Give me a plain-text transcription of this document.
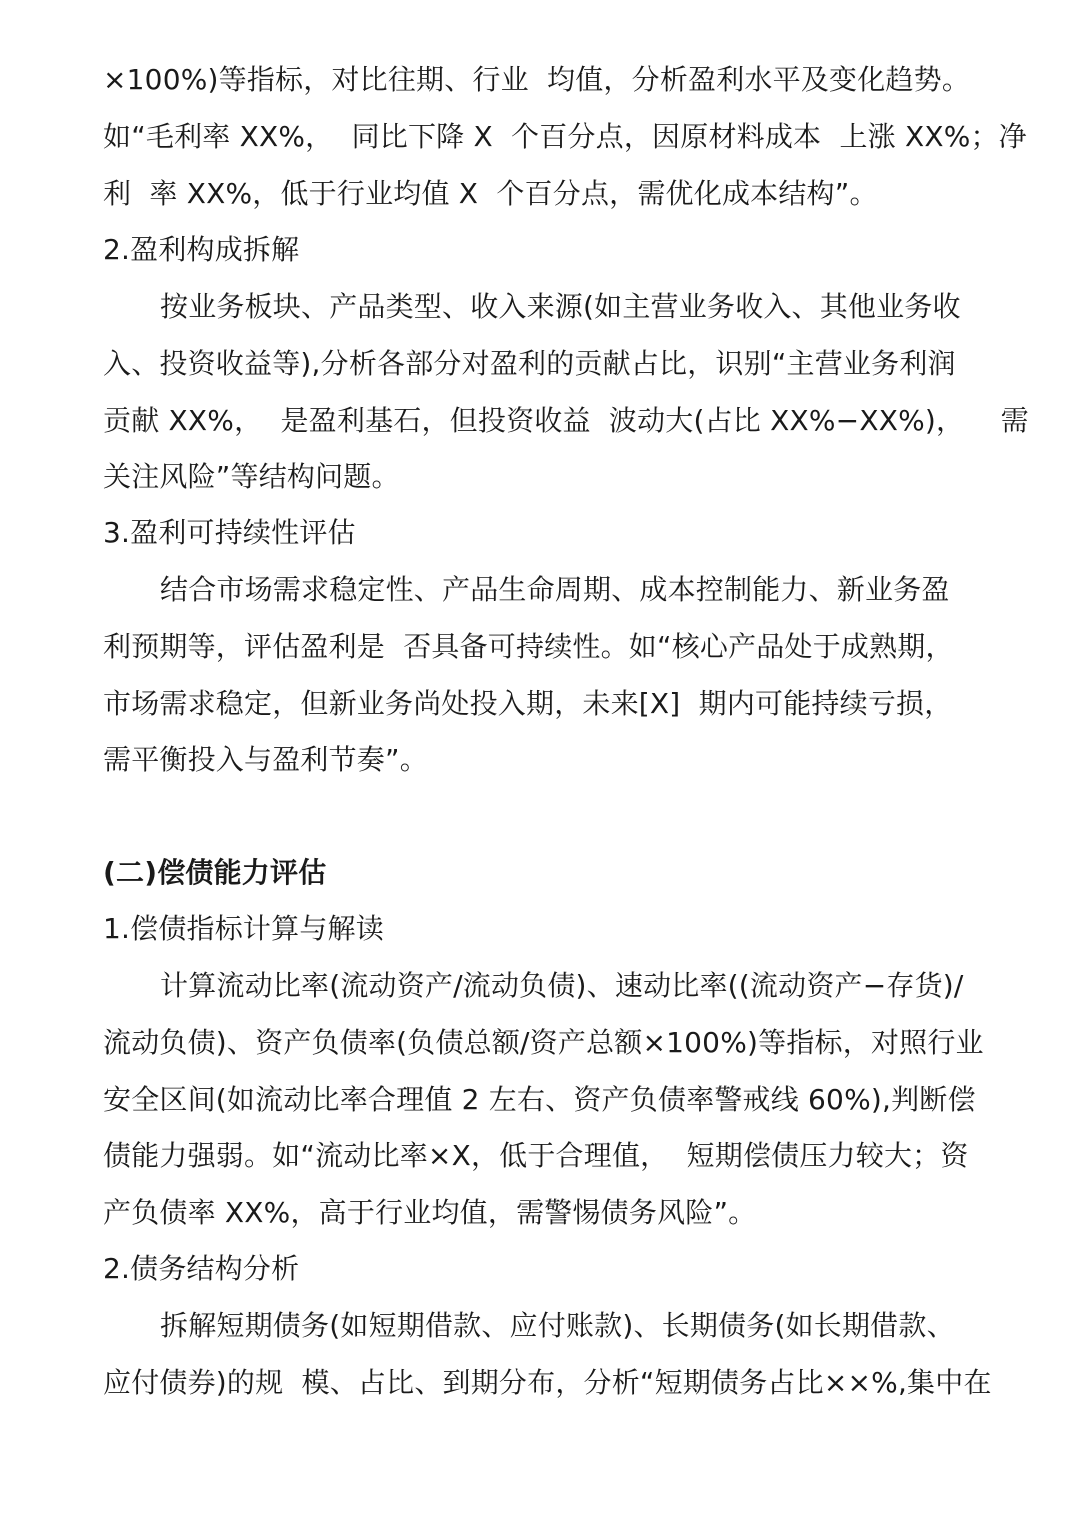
×100%)等指标，对比往期、行业  均值，分析盈利水平及变化趋势。
如“毛利率 XX%，  同比下降 X  个百分点，因原材料成本  上涨 XX%；净
利  率 XX%，低于行业均值 X  个百分点，需优化成本结构”。
2.盈利构成拆解
按业务板块、产品类型、收入来源(如主营业务收入、其他业务收
入、投资收益等),分析各部分对盈利的贡献占比，识别“主营业务利润
贡献 XX%，  是盈利基石，但投资收益  波动大(占比 XX%−XX%)，    需
关注风险”等结构问题。
3.盈利可持续性评估
结合市场需求稳定性、产品生命周期、成本控制能力、新业务盈
利预期等，评估盈利是  否具备可持续性。如“核心产品处于成熟期，
市场需求稳定，但新业务尚处投入期，未来[X]  期内可能持续亏损，
需平衡投入与盈利节奏”。
(二)偿债能力评估
1.偿债指标计算与解读
计算流动比率(流动资产/流动负债)、速动比率((流动资产−存货)/
流动负债)、资产负债率(负债总额/资产总额×100%)等指标，对照行业
安全区间(如流动比率合理值 2 左右、资产负债率警戒线 60%),判断偿
债能力强弱。如“流动比率×X，低于合理值，  短期偿债压力较大；资
产负债率 XX%，高于行业均值，需警惕债务风险”。
2.债务结构分析
拆解短期债务(如短期借款、应付账款)、长期债务(如长期借款、
应付债券)的规  模、占比、到期分布，分析“短期债务占比××%,集中在
